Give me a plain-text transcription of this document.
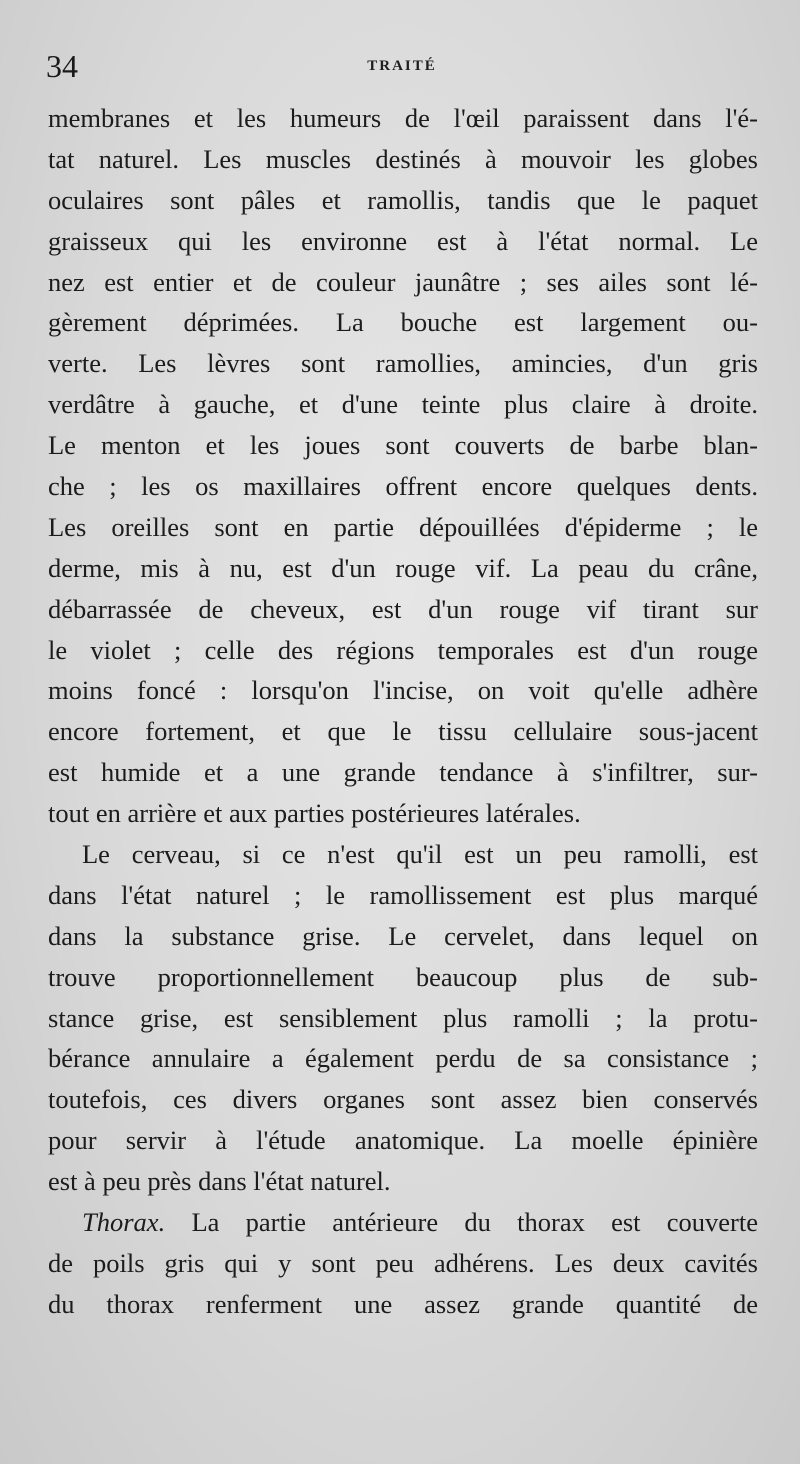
34	TRAITÉ
membranes et les humeurs de l'œil paraissent dans l'é-
tat naturel. Les muscles destinés à mouvoir les globes
oculaires sont pâles et ramollis, tandis que le paquet
graisseux qui les environne est à l'état normal. Le
nez est entier et de couleur jaunâtre ; ses ailes sont lé-
gèrement déprimées. La bouche est largement ou-
verte. Les lèvres sont ramollies, amincies, d'un gris
verdâtre à gauche, et d'une teinte plus claire à droite.
Le menton et les joues sont couverts de barbe blan-
che ; les os maxillaires offrent encore quelques dents.
Les oreilles sont en partie dépouillées d'épiderme ; le
derme, mis à nu, est d'un rouge vif. La peau du crâne,
débarrassée de cheveux, est d'un rouge vif tirant sur
le violet ; celle des régions temporales est d'un rouge
moins foncé : lorsqu'on l'incise, on voit qu'elle adhère
encore fortement, et que le tissu cellulaire sous-jacent
est humide et a une grande tendance à s'infiltrer, sur-
tout en arrière et aux parties postérieures latérales.
Le cerveau, si ce n'est qu'il est un peu ramolli, est
dans l'état naturel ; le ramollissement est plus marqué
dans la substance grise. Le cervelet, dans lequel on
trouve proportionnellement beaucoup plus de sub-
stance grise, est sensiblement plus ramolli ; la protu-
bérance annulaire a également perdu de sa consistance ;
toutefois, ces divers organes sont assez bien conservés
pour servir à l'étude anatomique. La moelle épinière
est à peu près dans l'état naturel.
Thorax. La partie antérieure du thorax est couverte
de poils gris qui y sont peu adhérens. Les deux cavités
du thorax renferment une assez grande quantité de
